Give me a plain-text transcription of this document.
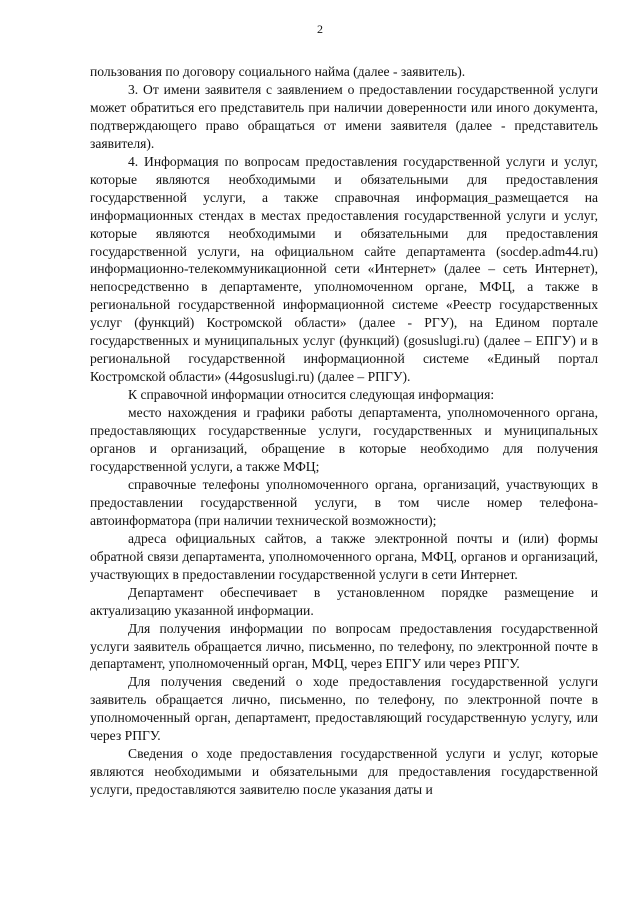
2

пользования по договору социального найма (далее - заявитель).

3. От имени заявителя с заявлением о предоставлении государственной услуги может обратиться его представитель при наличии доверенности или иного документа, подтверждающего право обращаться от имени заявителя (далее - представитель заявителя).

4. Информация по вопросам предоставления государственной услуги и услуг, которые являются необходимыми и обязательными для предоставления государственной услуги, а также справочная информация_размещается на информационных стендах в местах предоставления государственной услуги и услуг, которые являются необходимыми и обязательными для предоставления государственной услуги, на официальном сайте департамента (socdep.adm44.ru) информационно-телекоммуникационной сети «Интернет» (далее – сеть Интернет), непосредственно в департаменте, уполномоченном органе, МФЦ, а также в региональной государственной информационной системе «Реестр государственных услуг (функций) Костромской области» (далее - РГУ), на Едином портале государственных и муниципальных услуг (функций) (gosuslugi.ru) (далее – ЕПГУ) и в региональной государственной информационной системе «Единый портал Костромской области» (44gosuslugi.ru) (далее – РПГУ).

К справочной информации относится следующая информация:

место нахождения и графики работы департамента, уполномоченного органа, предоставляющих государственные услуги, государственных и муниципальных органов и организаций, обращение в которые необходимо для получения государственной услуги, а также МФЦ;

справочные телефоны уполномоченного органа, организаций, участвующих в предоставлении государственной услуги, в том числе номер телефона-автоинформатора (при наличии технической возможности);

адреса официальных сайтов, а также электронной почты и (или) формы обратной связи департамента, уполномоченного органа, МФЦ, органов и организаций, участвующих в предоставлении государственной услуги в сети Интернет.

Департамент обеспечивает в установленном порядке размещение и актуализацию указанной информации.

Для получения информации по вопросам предоставления государственной услуги заявитель обращается лично, письменно, по телефону, по электронной почте в департамент, уполномоченный орган, МФЦ, через ЕПГУ или через РПГУ.

Для получения сведений о ходе предоставления государственной услуги заявитель обращается лично, письменно, по телефону, по электронной почте в уполномоченный орган, департамент, предоставляющий государственную услугу, или через РПГУ.

Сведения о ходе предоставления государственной услуги и услуг, которые являются необходимыми и обязательными для предоставления государственной услуги, предоставляются заявителю после указания даты и
